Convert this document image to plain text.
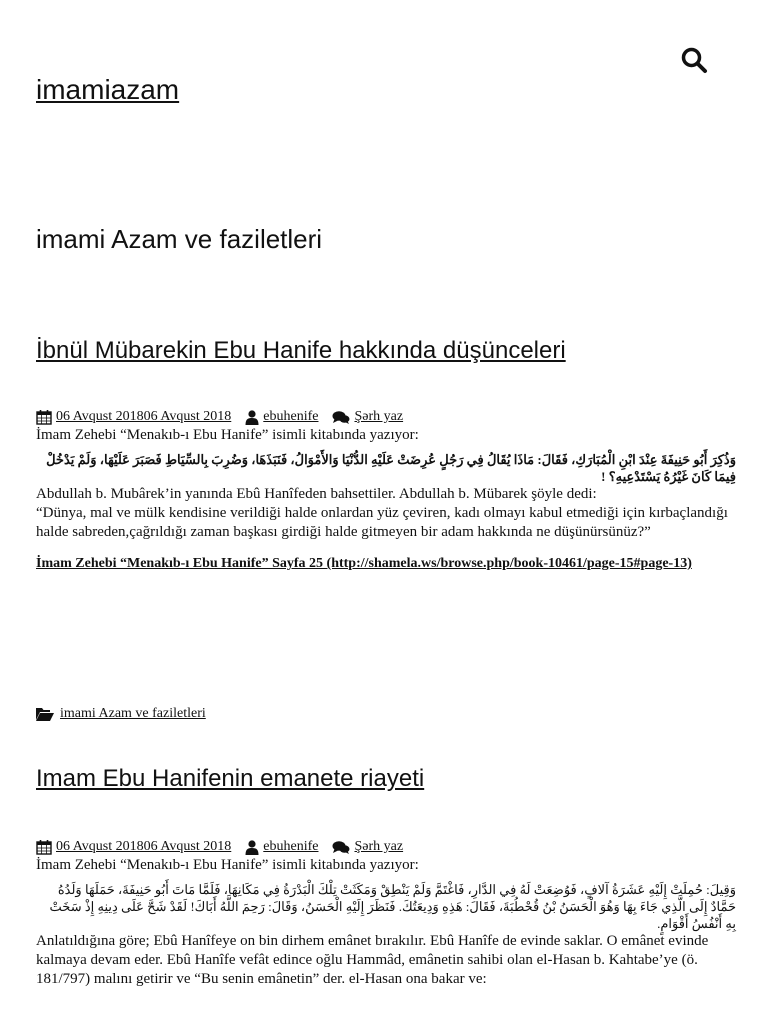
imamiazam
imami Azam ve faziletleri
İbnül Mübarekin Ebu Hanife hakkında düşünceleri
06 Avqust 201806 Avqust 2018 ebuhenife	Şərh yaz

İmam Zehebi “Menakıb-ı Ebu Hanife” isimli kitabında yazıyor:

وَذُكِرَ أَبُو حَنِيفَةَ عِنْدَ ابْنِ الْمُبَارَكِ، فَقَالَ: مَاذَا يُقَالُ فِي رَجُلٍ عُرِضَتْ عَلَيْهِ الدُّنْيَا وَالأَمْوَالُ، فَنَبَذَهَا، وَضُرِبَ بِالسِّيَاطِ فَصَبَرَ عَلَيْهَا، وَلَمْ يَدْخُلْ فِيمَا كَانَ غَيْرُهُ يَسْتَدْعِيهِ؟ !

Abdullah b. Mubârek’in yanında Ebû Hanîfeden bahsettiler. Abdullah b. Mübarek şöyle dedi:

“Dünya, mal ve mülk kendisine verildiği halde onlardan yüz çeviren, kadı olmayı kabul etmediği için kırbaçlandığı halde sabreden,çağrıldığı zaman başkası girdiği halde gitmeyen bir adam hakkında ne düşünürsünüz?”

İmam Zehebi “Menakıb-ı Ebu Hanife” Sayfa 25 (http://shamela.ws/browse.php/book-10461/page-15#page-13)
imami Azam ve faziletleri
Imam Ebu Hanifenin emanete riayeti
06 Avqust 201806 Avqust 2018 ebuhenife	Şərh yaz

İmam Zehebi “Menakıb-ı Ebu Hanife” isimli kitabında yazıyor:

وَقِيلَ: حُمِلَتْ إِلَيْهِ عَشَرَةُ آلافٍ، فَوُضِعَتْ لَهُ فِي الدَّارِ، فَاغْتَمَّ وَلَمْ يَنْطِقْ وَمَكَثَتْ تِلْكَ الْبَدْرَةُ فِي مَكَانِهَا، فَلَمَّا مَاتَ أَبُو حَنِيفَةَ، حَمَلَهَا وَلَدُهُ حَمَّادٌ إِلَى الَّذِي جَاءَ بِهَا وَهُوَ الْحَسَنُ بْنُ قُحْطُبَةَ، فَقَالَ: هَذِهِ وَدِيعَتُكَ. فَنَظَرَ إِلَيْهِ الْحَسَنُ، وَقَالَ: رَحِمَ اللَّهُ أَبَاكَ! لَقَدْ شَحَّ عَلَى دِينِهِ إِذْ سَخَتْ بِهِ أَنْفُسُ أَقْوَامٍ.

Anlatıldığına göre; Ebû Hanîfeye on bin dirhem emânet bırakılır. Ebû Hanîfe de evinde saklar. O emânet evinde kalmaya devam eder. Ebû Hanîfe vefât edince oğlu Hammâd, emânetin sahibi olan el-Hasan b. Kahtabe’ye (ö. 181/797) malını getirir ve “Bu senin emânetin” der. el-Hasan ona bakar ve:
